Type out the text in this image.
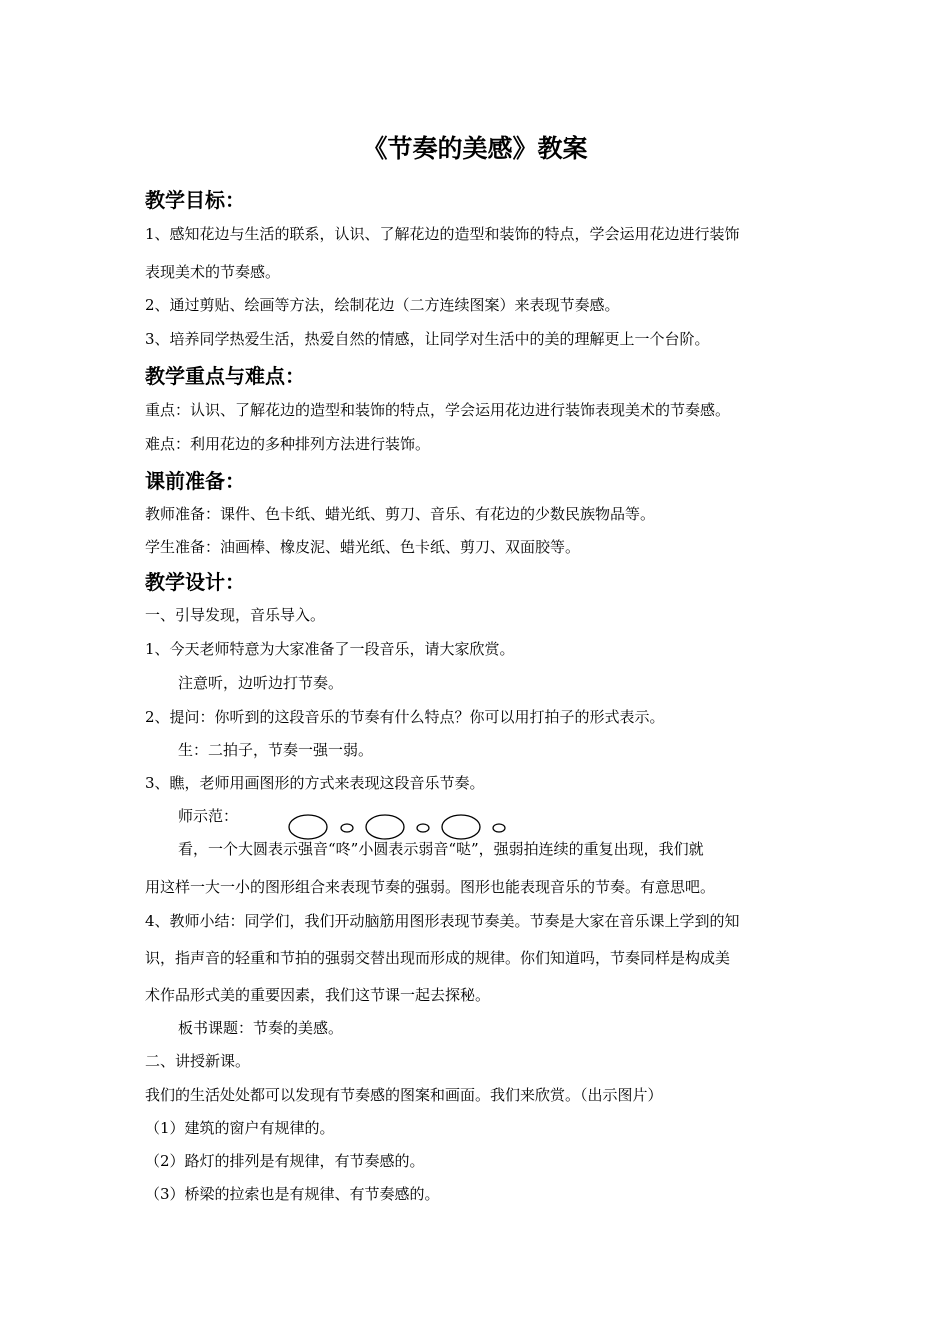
《节奏的美感》教案
教学目标：
1、感知花边与生活的联系，认识、了解花边的造型和装饰的特点，学会运用花边进行装饰
表现美术的节奏感。
2、通过剪贴、绘画等方法，绘制花边（二方连续图案）来表现节奏感。
3、培养同学热爱生活，热爱自然的情感，让同学对生活中的美的理解更上一个台阶。
教学重点与难点：
重点：认识、了解花边的造型和装饰的特点，学会运用花边进行装饰表现美术的节奏感。
难点：利用花边的多种排列方法进行装饰。
课前准备：
教师准备：课件、色卡纸、蜡光纸、剪刀、音乐、有花边的少数民族物品等。
学生准备：油画棒、橡皮泥、蜡光纸、色卡纸、剪刀、双面胶等。
教学设计：
一、引导发现，音乐导入。
1、今天老师特意为大家准备了一段音乐，请大家欣赏。
注意听，边听边打节奏。
2、提问：你听到的这段音乐的节奏有什么特点？你可以用打拍子的形式表示。
生：二拍子，节奏一强一弱。
3、瞧，老师用画图形的方式来表现这段音乐节奏。
师示范：
看，一个大圆表示强音“咚”小圆表示弱音“哒”，强弱拍连续的重复出现，我们就
用这样一大一小的图形组合来表现节奏的强弱。图形也能表现音乐的节奏。有意思吧。
4、教师小结：同学们，我们开动脑筋用图形表现节奏美。节奏是大家在音乐课上学到的知
识，指声音的轻重和节拍的强弱交替出现而形成的规律。你们知道吗，节奏同样是构成美
术作品形式美的重要因素，我们这节课一起去探秘。
板书课题：节奏的美感。
二、讲授新课。
我们的生活处处都可以发现有节奏感的图案和画面。我们来欣赏。（出示图片）
（1）建筑的窗户有规律的。
（2）路灯的排列是有规律，有节奏感的。
（3）桥梁的拉索也是有规律、有节奏感的。
